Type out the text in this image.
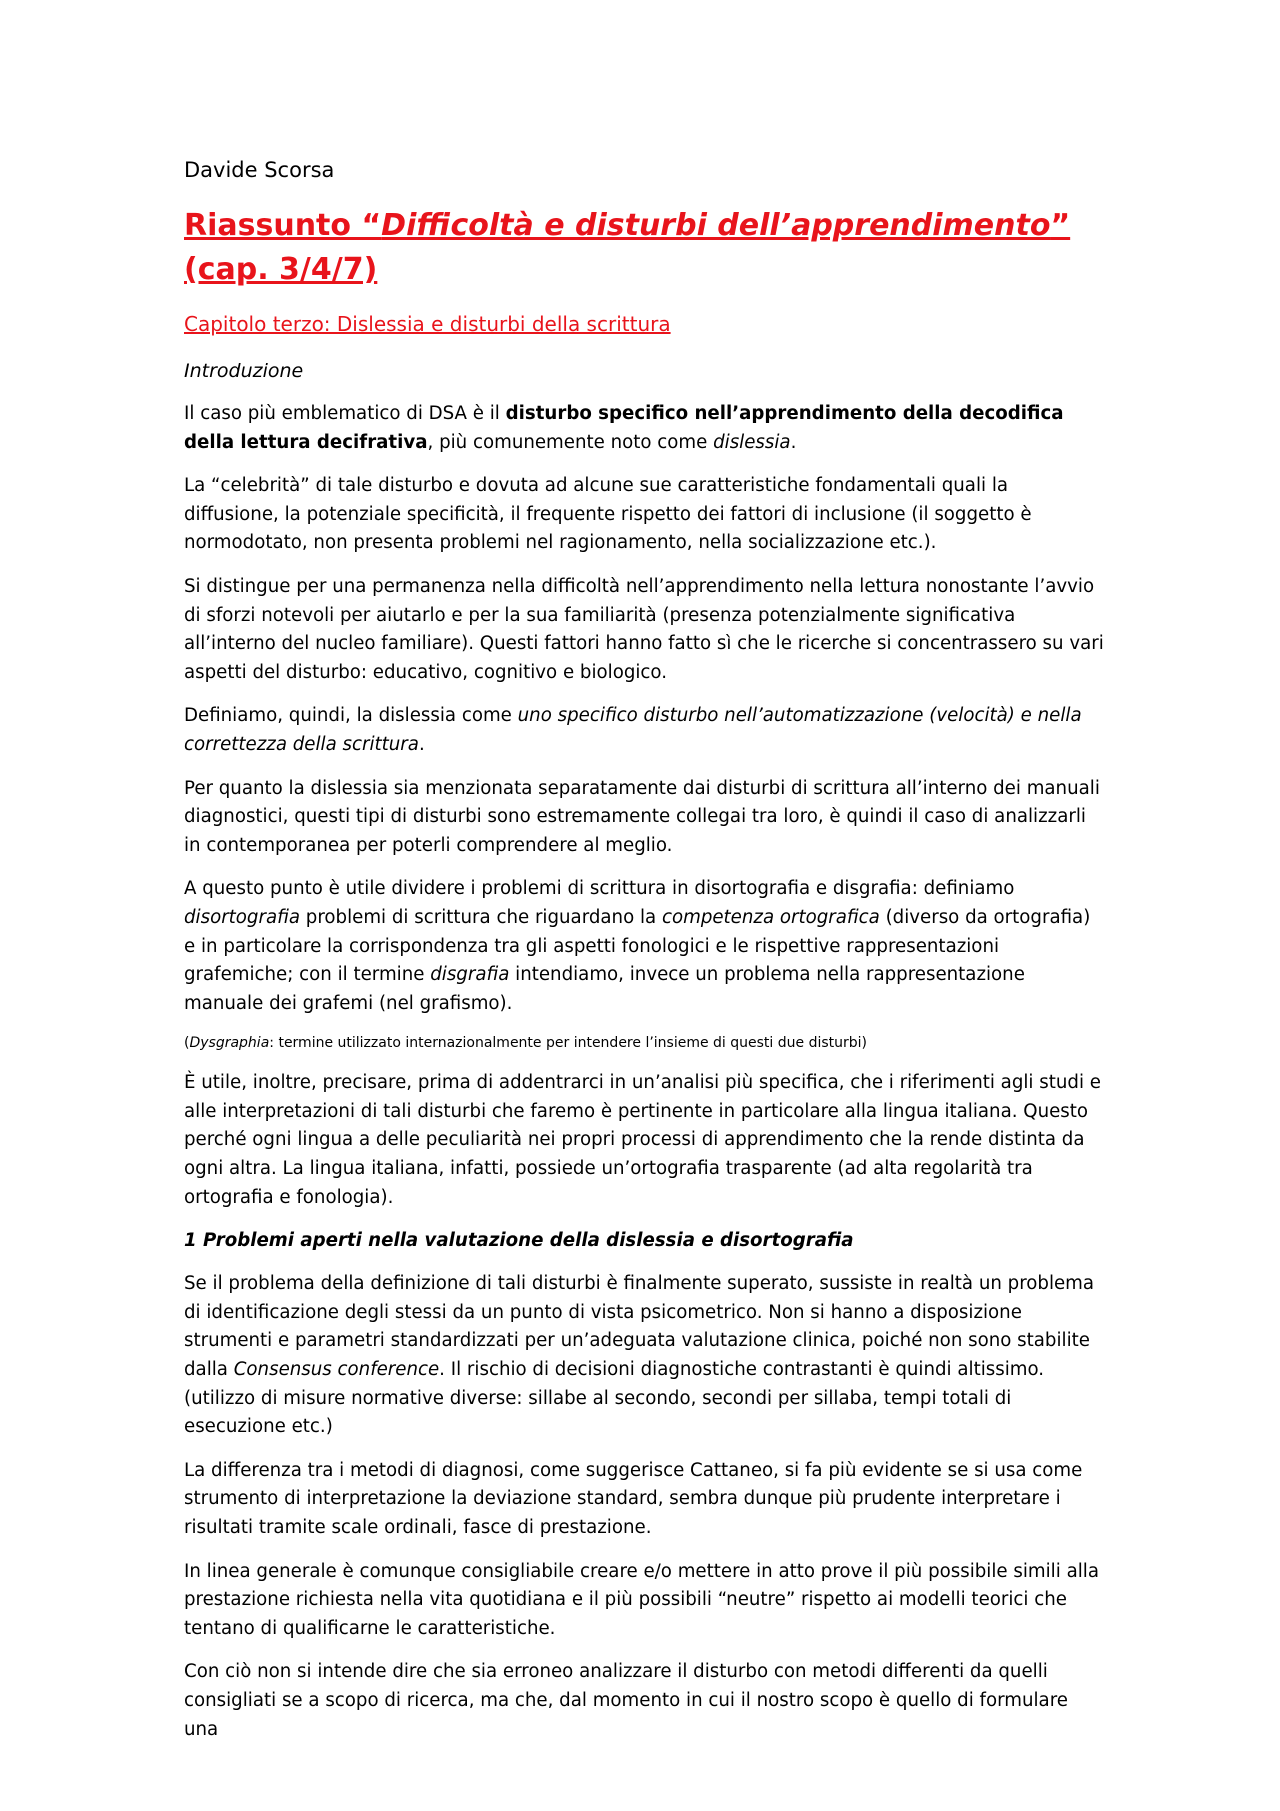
Davide Scorsa
Riassunto “Difficoltà e disturbi dell’apprendimento” (cap. 3/4/7)
Capitolo terzo: Dislessia e disturbi della scrittura
Introduzione

Il caso più emblematico di DSA è il disturbo specifico nell’apprendimento della decodifica della lettura decifrativa, più comunemente noto come dislessia.

La “celebrità” di tale disturbo e dovuta ad alcune sue caratteristiche fondamentali quali la diffusione, la potenziale specificità, il frequente rispetto dei fattori di inclusione (il soggetto è normodotato, non presenta problemi nel ragionamento, nella socializzazione etc.).

Si distingue per una permanenza nella difficoltà nell’apprendimento nella lettura nonostante l’avvio di sforzi notevoli per aiutarlo e per la sua familiarità (presenza potenzialmente significativa all’interno del nucleo familiare). Questi fattori hanno fatto sì che le ricerche si concentrassero su vari aspetti del disturbo: educativo, cognitivo e biologico.

Definiamo, quindi, la dislessia come uno specifico disturbo nell’automatizzazione (velocità) e nella correttezza della scrittura.

Per quanto la dislessia sia menzionata separatamente dai disturbi di scrittura all’interno dei manuali diagnostici, questi tipi di disturbi sono estremamente collegai tra loro, è quindi il caso di analizzarli in contemporanea per poterli comprendere al meglio.

A questo punto è utile dividere i problemi di scrittura in disortografia e disgrafia: definiamo disortografia problemi di scrittura che riguardano la competenza ortografica (diverso da ortografia) e in particolare la corrispondenza tra gli aspetti fonologici e le rispettive rappresentazioni grafemiche; con il termine disgrafia intendiamo, invece un problema nella rappresentazione manuale dei grafemi (nel grafismo).

(Dysgraphia: termine utilizzato internazionalmente per intendere l’insieme di questi due disturbi)

È utile, inoltre, precisare, prima di addentrarci in un’analisi più specifica, che i riferimenti agli studi e alle interpretazioni di tali disturbi che faremo è pertinente in particolare alla lingua italiana. Questo perché ogni lingua a delle peculiarità nei propri processi di apprendimento che la rende distinta da ogni altra. La lingua italiana, infatti, possiede un’ortografia trasparente (ad alta regolarità tra ortografia e fonologia).

1 Problemi aperti nella valutazione della dislessia e disortografia

Se il problema della definizione di tali disturbi è finalmente superato, sussiste in realtà un problema di identificazione degli stessi da un punto di vista psicometrico. Non si hanno a disposizione strumenti e parametri standardizzati per un’adeguata valutazione clinica, poiché non sono stabilite dalla Consensus conference. Il rischio di decisioni diagnostiche contrastanti è quindi altissimo. (utilizzo di misure normative diverse: sillabe al secondo, secondi per sillaba, tempi totali di esecuzione etc.)

La differenza tra i metodi di diagnosi, come suggerisce Cattaneo, si fa più evidente se si usa come strumento di interpretazione la deviazione standard, sembra dunque più prudente interpretare i risultati tramite scale ordinali, fasce di prestazione.

In linea generale è comunque consigliabile creare e/o mettere in atto prove il più possibile simili alla prestazione richiesta nella vita quotidiana e il più possibili “neutre” rispetto ai modelli teorici che tentano di qualificarne le caratteristiche.

Con ciò non si intende dire che sia erroneo analizzare il disturbo con metodi differenti da quelli consigliati se a scopo di ricerca, ma che, dal momento in cui il nostro scopo è quello di formulare una
